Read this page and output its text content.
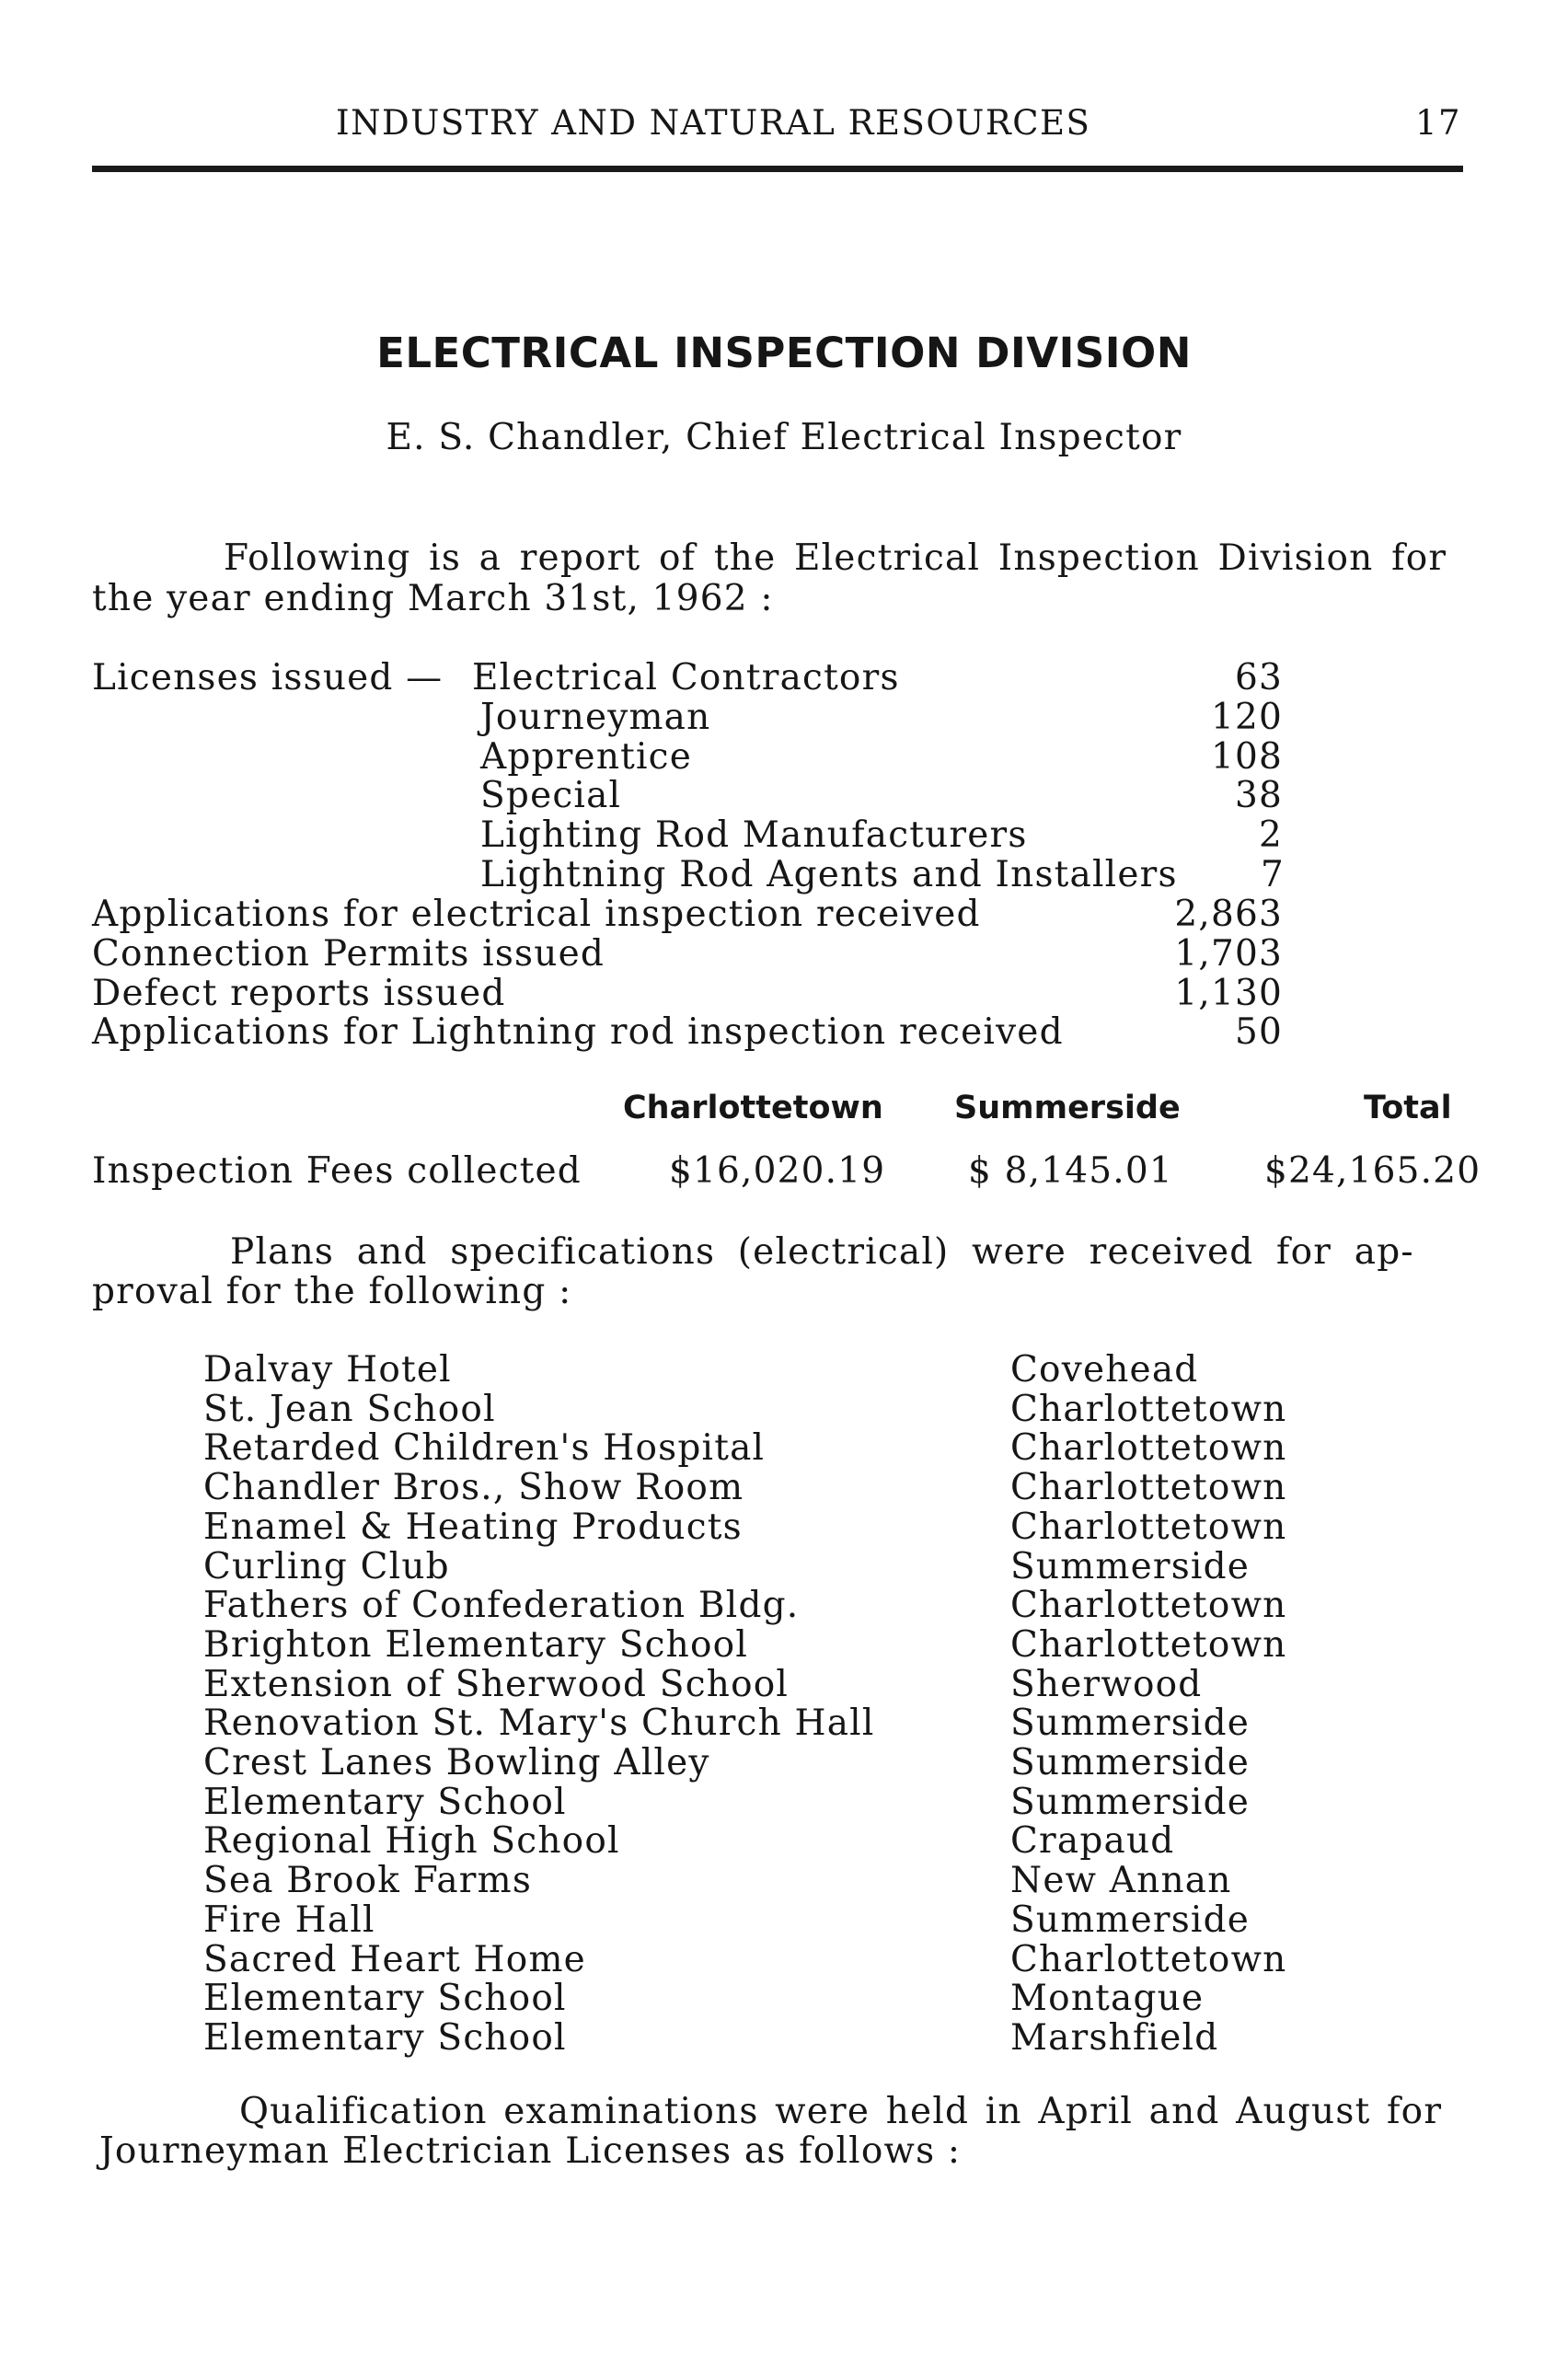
INDUSTRY AND NATURAL RESOURCES	17
ELECTRICAL INSPECTION DIVISION
E. S. Chandler, Chief Electrical Inspector
Following is a report of the Electrical Inspection Division for
the year ending March 31st, 1962 :
Licenses issued — Electrical Contractors	63
Journeyman	120
Apprentice	108
Special	38
Lighting Rod Manufacturers	2
Lightning Rod Agents and Installers 7
Applications for electrical inspection received	2,863
Connection Permits issued	1,703
Defect reports issued	1,130
Applications for Lightning rod inspection received	50
Charlottetown Summerside	Total
Inspection Fees collected $16,020.19 $ 8,145.01	$24,165.20
Plans and specifications (electrical) were received for ap-
proval for the following :
Dalvay Hotel	Covehead
St. Jean School	Charlottetown
Retarded Children's Hospital	Charlottetown
Chandler Bros., Show Room	Charlottetown
Enamel & Heating Products	Charlottetown
Curling Club	Summerside
Fathers of Confederation Bldg.	Charlottetown
Brighton Elementary School	Charlottetown
Extension of Sherwood School	Sherwood
Renovation St. Mary's Church Hall	Summerside
Crest Lanes Bowling Alley	Summerside
Elementary School	Summerside
Regional High School	Crapaud
Sea Brook Farms	New Annan
Fire Hall	Summerside
Sacred Heart Home	Charlottetown
Elementary School	Montague
Elementary School	Marshfield
Qualification examinations were held in April and August for
Journeyman Electrician Licenses as follows :
